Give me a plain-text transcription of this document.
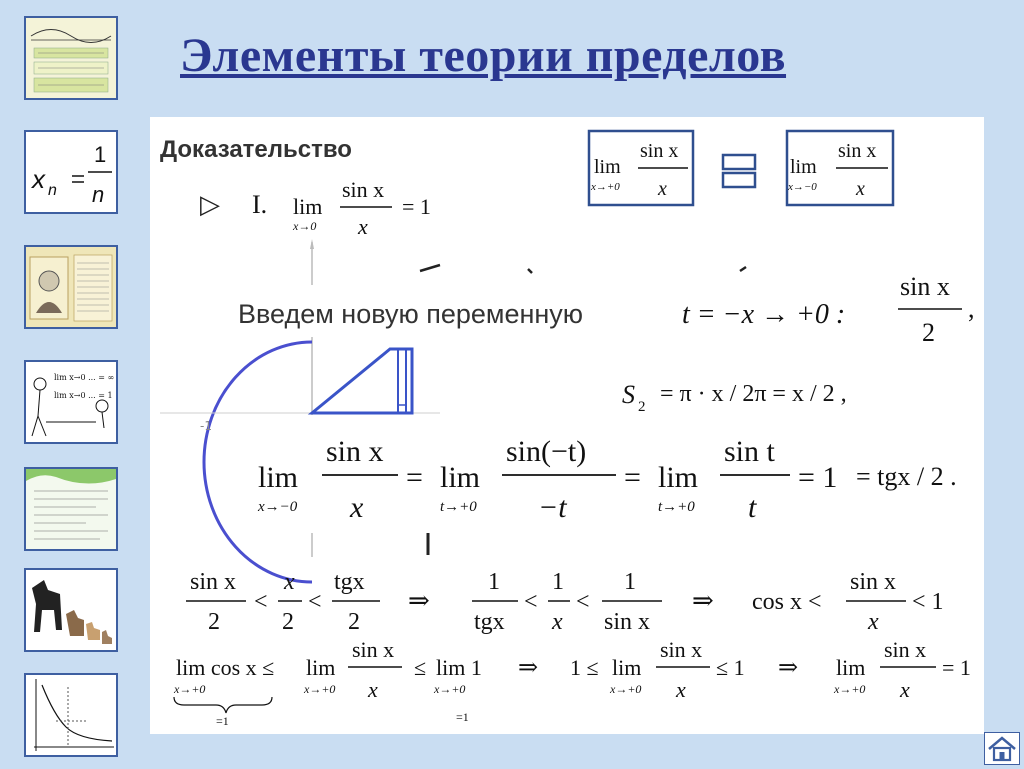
Элементы теории пределов
x n
1
n
lim x→0 ... = ∞
lim x→0 ... = 1
-1
Доказательство
▷ I. lim
x→0
sin x
x
= 1
lim
x→+0
sin x
x
lim
x→−0
sin x
x
Введем новую переменную	t = −x → +0 :
sin x
2
,
S 2 = π · x / 2π = x / 2 ,
lim
x→−0
sin x
x
= lim
t→+0
sin(−t)
−t
= lim
t→+0
sin t
t
= 1 = tgx / 2 .
sin x
2
<
x
2
<
tgx
2
⇒
1
tgx
<
1
x
<
1
sin x
⇒ cos x <
sin x
x
< 1
lim cos x ≤
x→+0
=1
lim
x→+0
sin x
x
≤ lim 1
x→+0
=1
⇒ 1 ≤ lim
x→+0
sin x
x
≤ 1 ⇒ lim
x→+0
sin x
x
= 1
